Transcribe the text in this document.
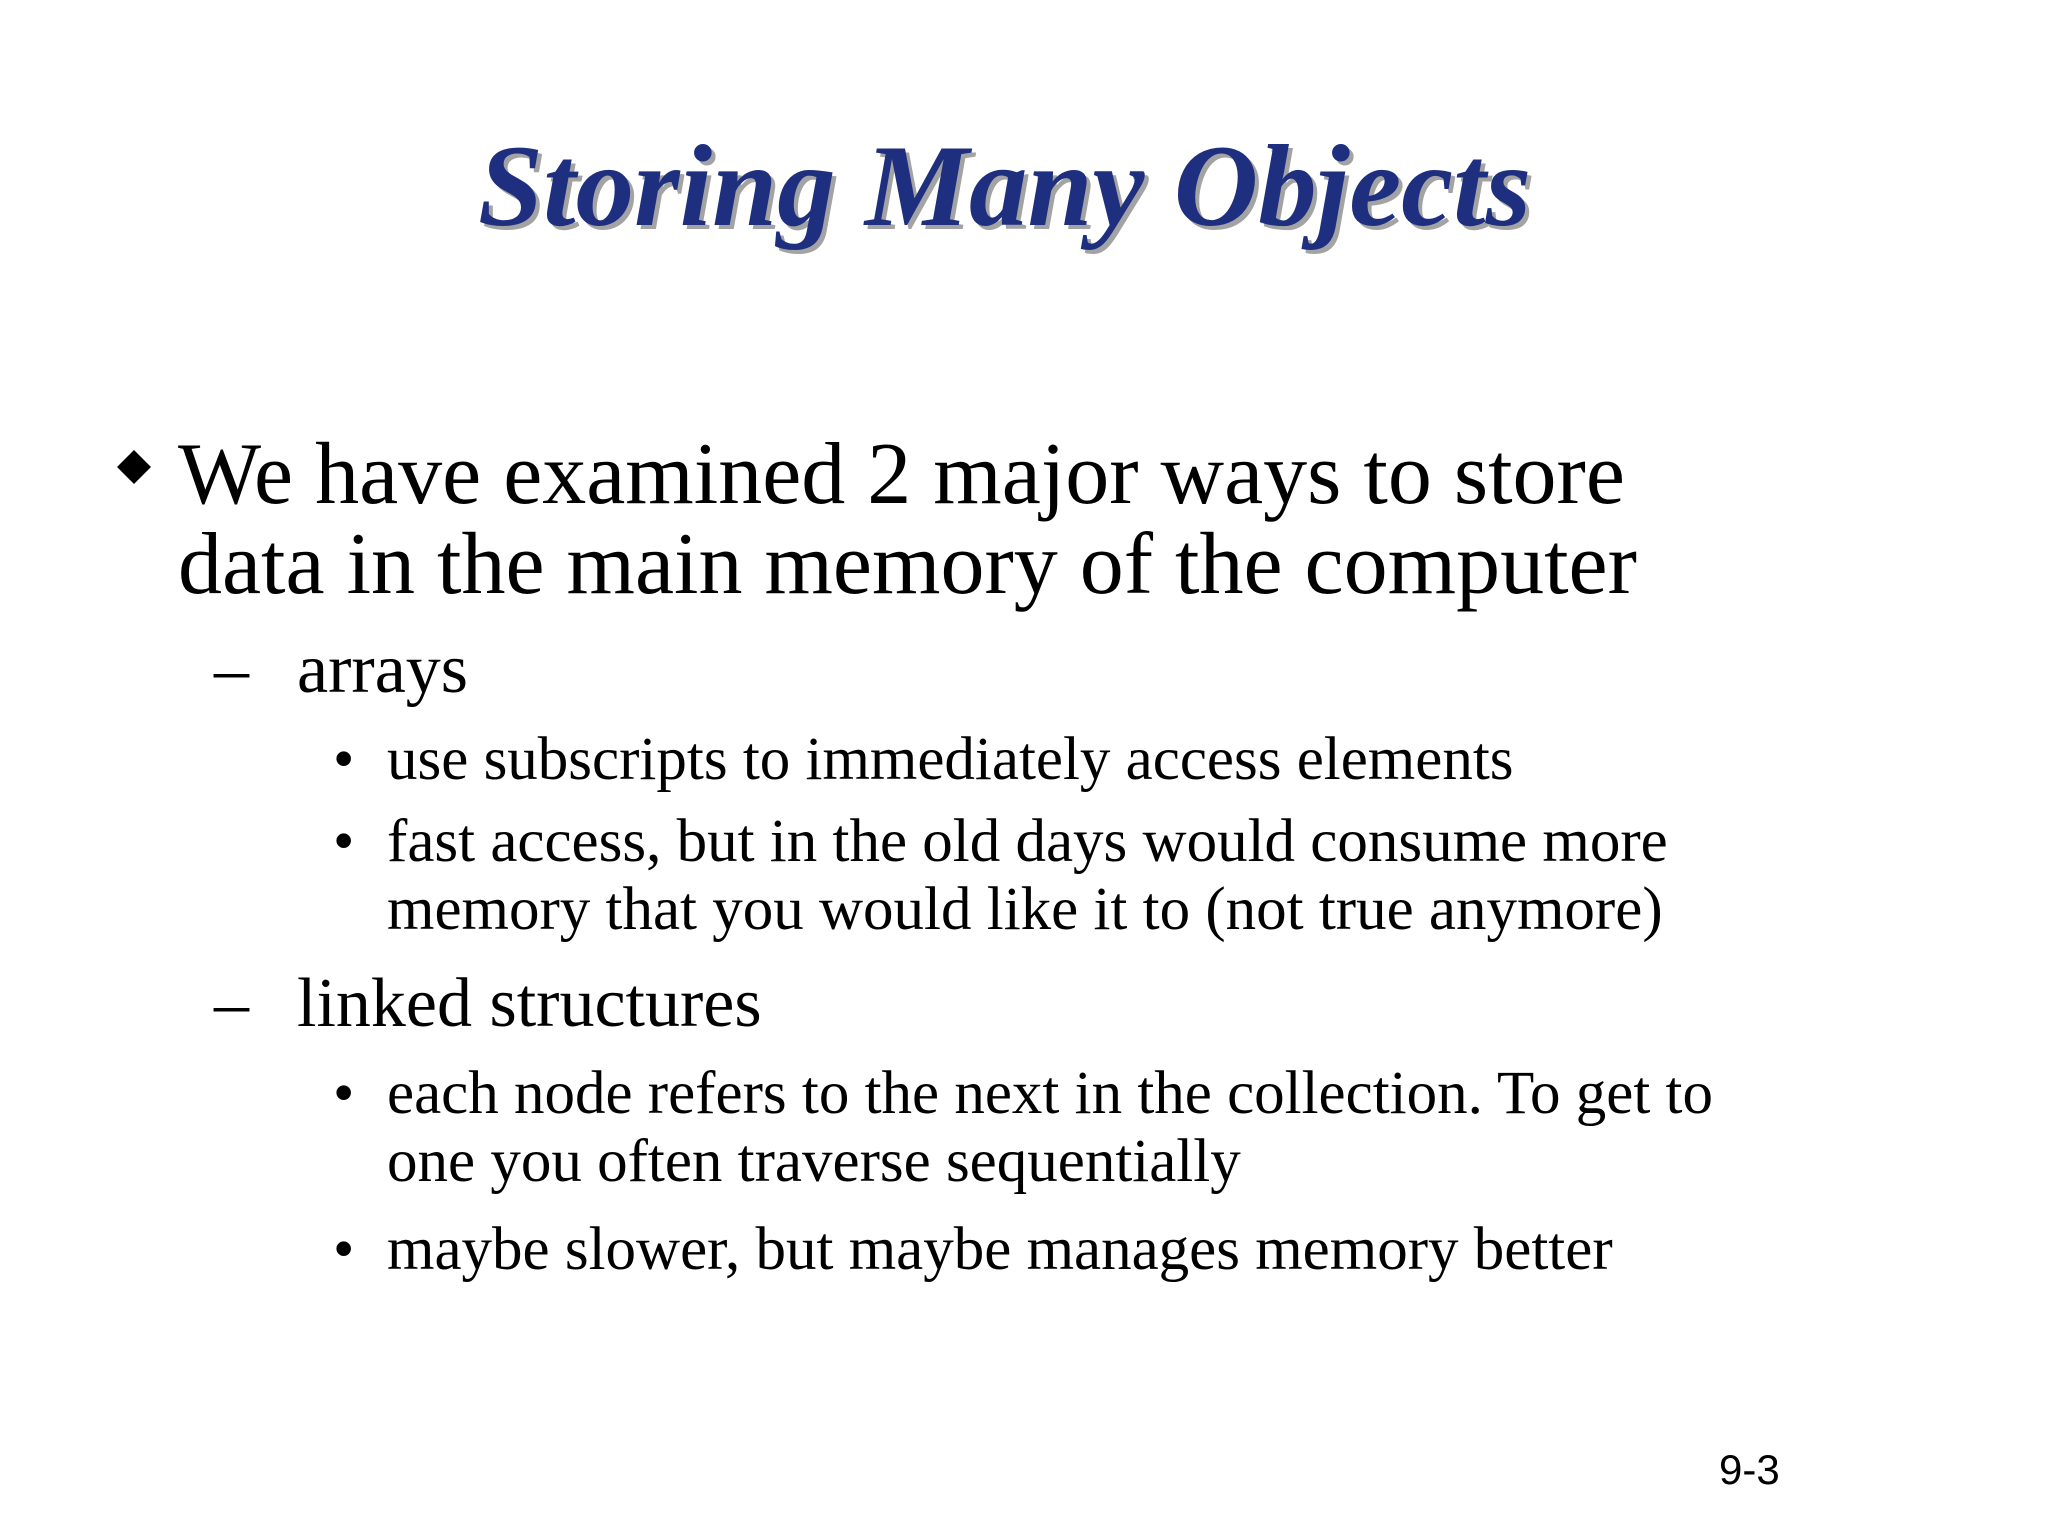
Storing Many Objects
We have examined 2 major ways to store
data in the main memory of the computer
– arrays
• use subscripts to immediately access elements
• fast access, but in the old days would consume more
memory that you would like it to (not true anymore)
– linked structures
• each node refers to the next in the collection. To get to
one you often traverse sequentially
• maybe slower, but maybe manages memory better
9-3
